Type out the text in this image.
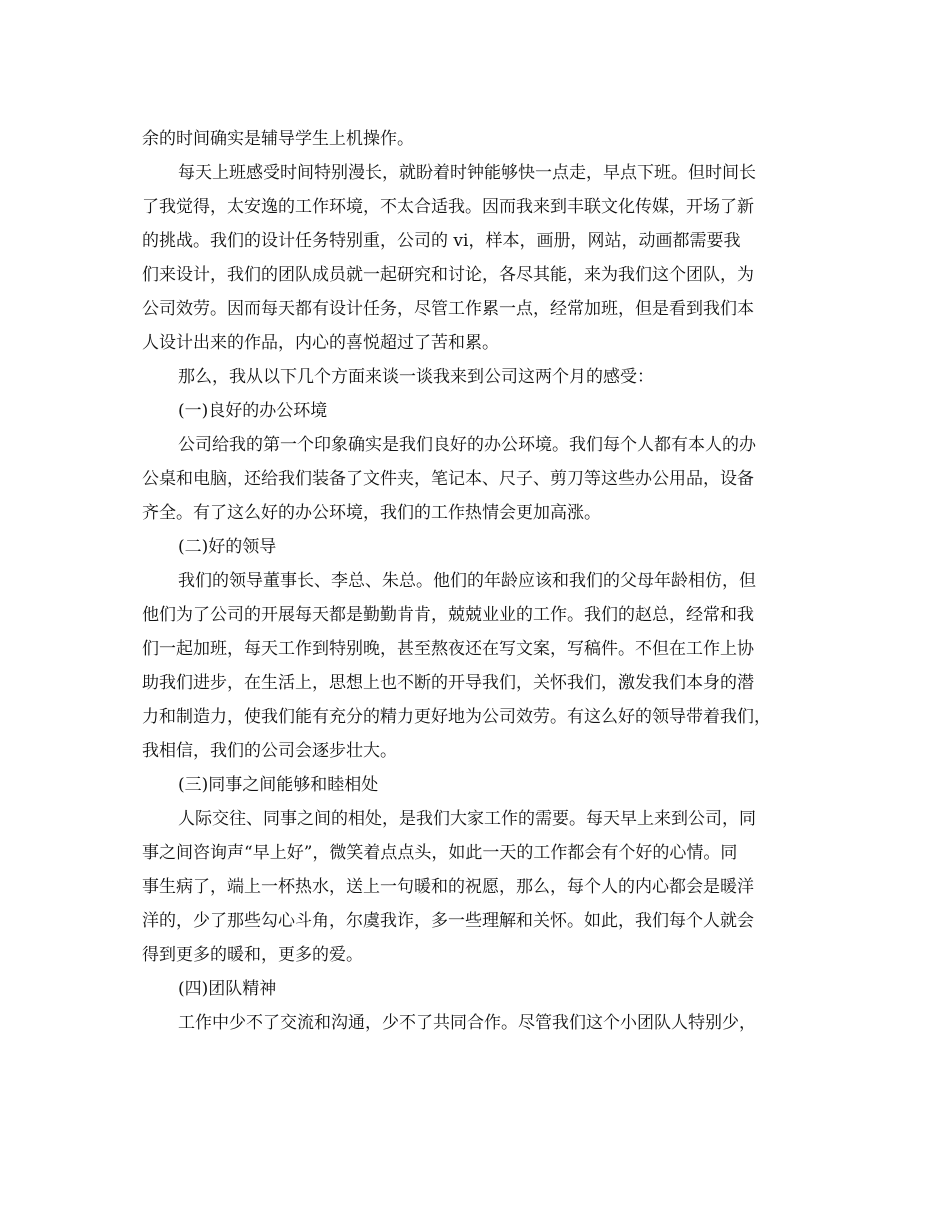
余的时间确实是辅导学生上机操作。
每天上班感受时间特别漫长，就盼着时钟能够快一点走，早点下班。但时间长
了我觉得，太安逸的工作环境，不太合适我。因而我来到丰联文化传媒，开场了新
的挑战。我们的设计任务特别重，公司的 vi，样本，画册，网站，动画都需要我
们来设计，我们的团队成员就一起研究和讨论，各尽其能，来为我们这个团队，为
公司效劳。因而每天都有设计任务，尽管工作累一点，经常加班，但是看到我们本
人设计出来的作品，内心的喜悦超过了苦和累。
那么，我从以下几个方面来谈一谈我来到公司这两个月的感受：
(一)良好的办公环境
公司给我的第一个印象确实是我们良好的办公环境。我们每个人都有本人的办
公桌和电脑，还给我们装备了文件夹，笔记本、尺子、剪刀等这些办公用品，设备
齐全。有了这么好的办公环境，我们的工作热情会更加高涨。
(二)好的领导
我们的领导董事长、李总、朱总。他们的年龄应该和我们的父母年龄相仿，但
他们为了公司的开展每天都是勤勤肯肯，兢兢业业的工作。我们的赵总，经常和我
们一起加班，每天工作到特别晚，甚至熬夜还在写文案，写稿件。不但在工作上协
助我们进步，在生活上，思想上也不断的开导我们，关怀我们，激发我们本身的潜
力和制造力，使我们能有充分的精力更好地为公司效劳。有这么好的领导带着我们，
我相信，我们的公司会逐步壮大。
(三)同事之间能够和睦相处
人际交往、同事之间的相处，是我们大家工作的需要。每天早上来到公司，同
事之间咨询声“早上好”，微笑着点点头，如此一天的工作都会有个好的心情。同
事生病了，端上一杯热水，送上一句暖和的祝愿，那么，每个人的内心都会是暖洋
洋的，少了那些勾心斗角，尔虞我诈，多一些理解和关怀。如此，我们每个人就会
得到更多的暖和，更多的爱。
(四)团队精神
工作中少不了交流和沟通，少不了共同合作。尽管我们这个小团队人特别少，
